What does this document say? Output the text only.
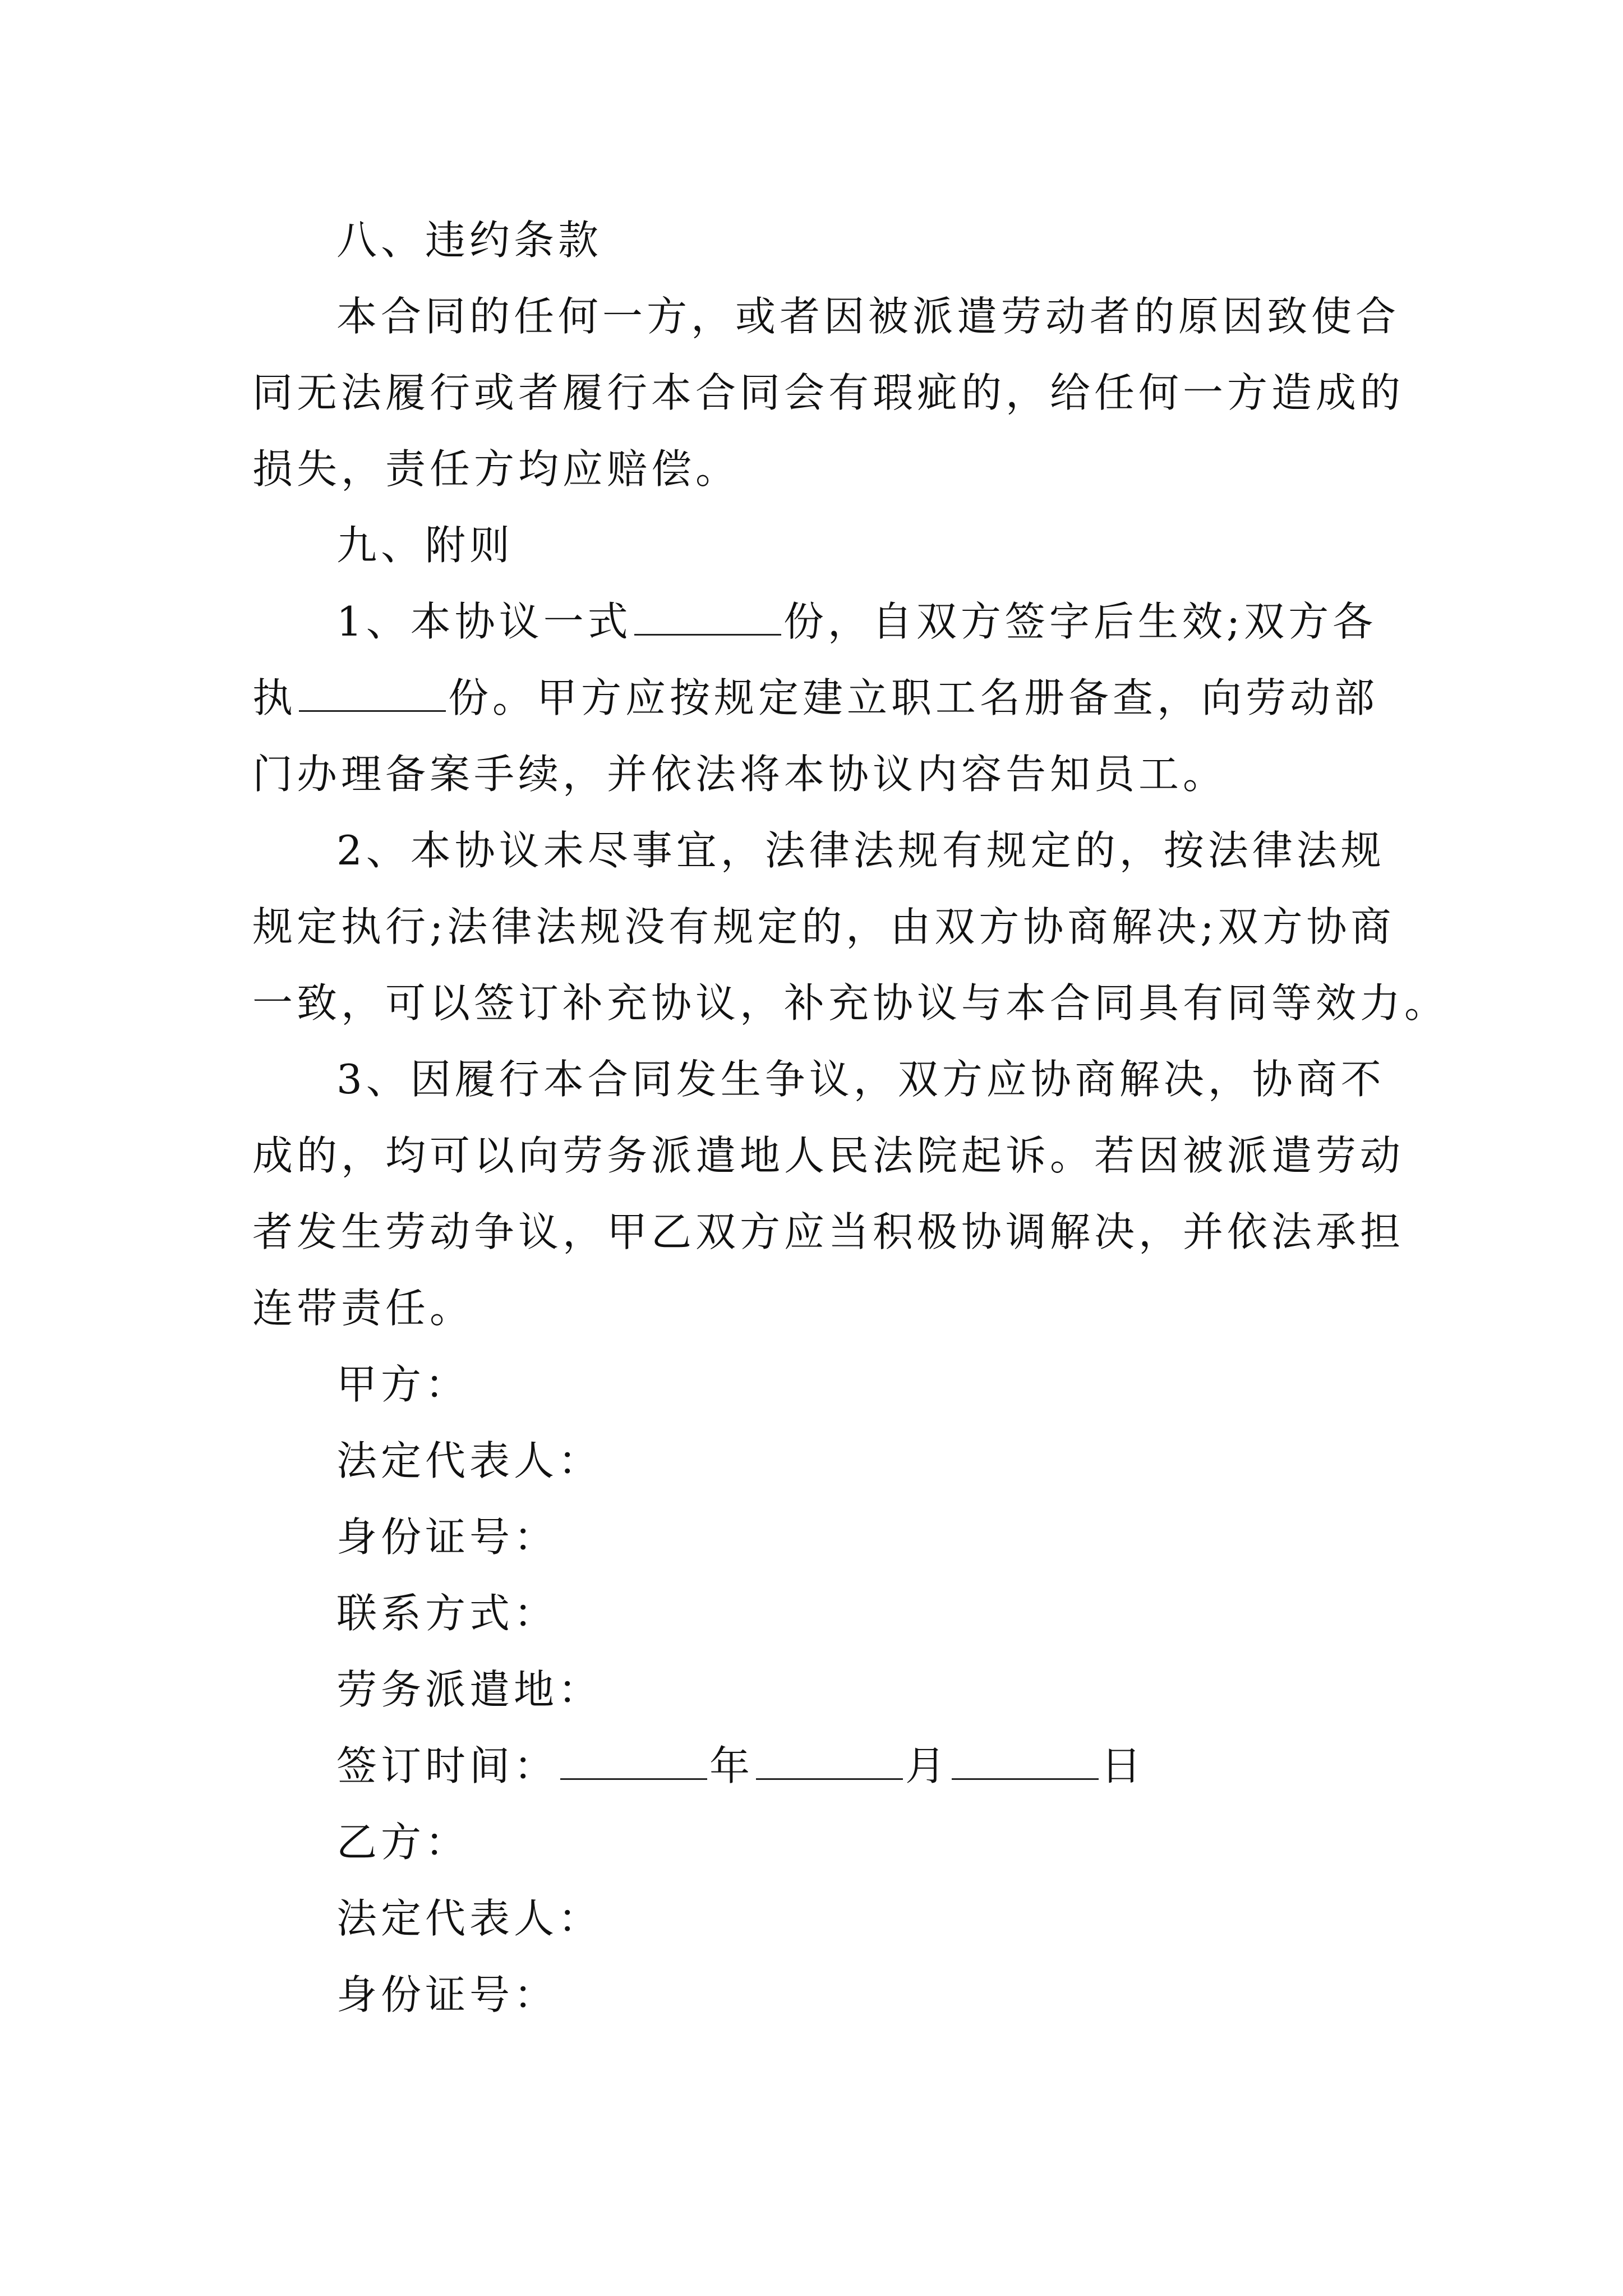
八、违约条款
本合同的任何一方，或者因被派遣劳动者的原因致使合
同无法履行或者履行本合同会有瑕疵的，给任何一方造成的
损失，责任方均应赔偿。
九、附则
1、本协议一式	份，自双方签字后生效;双方各
执	份。甲方应按规定建立职工名册备查，向劳动部
门办理备案手续，并依法将本协议内容告知员工。
2、本协议未尽事宜，法律法规有规定的，按法律法规
规定执行;法律法规没有规定的，由双方协商解决;双方协商
一致，可以签订补充协议，补充协议与本合同具有同等效力。
3、因履行本合同发生争议，双方应协商解决，协商不
成的，均可以向劳务派遣地人民法院起诉。若因被派遣劳动
者发生劳动争议，甲乙双方应当积极协调解决，并依法承担
连带责任。
甲方：
法定代表人：
身份证号：
联系方式：
劳务派遣地：
签订时间：	年	月	日
乙方：
法定代表人：
身份证号：
